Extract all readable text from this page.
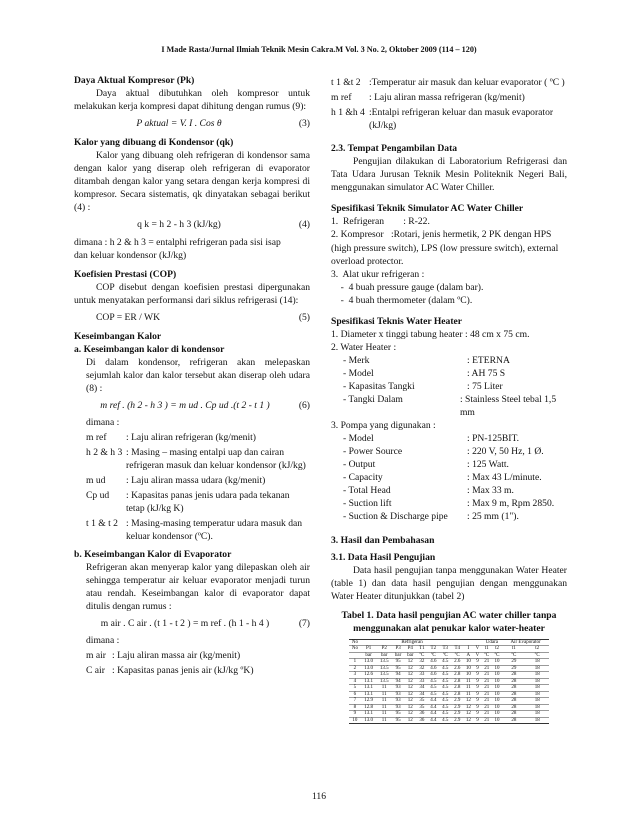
I Made Rasta/Jurnal Ilmiah Teknik Mesin Cakra.M Vol. 3 No. 2, Oktober 2009 (114 – 120)

Daya Aktual Kompresor (Pk)

Daya aktual dibutuhkan oleh kompresor untuk melakukan kerja kompresi dapat dihitung dengan rumus (9):

P aktual = V. I . Cos θ	(3)

Kalor yang dibuang di Kondensor (qk)

Kalor yang dibuang oleh refrigeran di kondensor sama dengan kalor yang diserap oleh refrigeran di evaporator ditambah dengan kalor yang setara dengan kerja kompresi di kompresor. Secara sistematis, qk dinyatakan sebagai berikut (4) :

q k = h 2 - h 3 (kJ/kg)	(4)

dimana : h 2 & h 3 = entalphi refrigeran pada sisi isap

dan keluar kondensor (kJ/kg)

Koefisien Prestasi (COP)

COP disebut dengan koefisien prestasi dipergunakan untuk menyatakan performansi dari siklus refrigerasi (14):

COP = ER / WK	(5)

Keseimbangan Kalor

a. Keseimbangan kalor di kondensor

Di dalam kondensor, refrigeran akan melepaskan sejumlah kalor dan kalor tersebut akan diserap oleh udara (8) :

m ref . (h 2 - h 3 ) = m ud . Cp ud .(t 2 - t 1 )	(6)

dimana :

m ref	: Laju aliran refrigeran (kg/menit)
h 2 & h 3 : Masing – masing entalpi uap dan cairan refrigeran masuk dan keluar kondensor (kJ/kg)
m ud	: Laju aliran massa udara (kg/menit)
Cp ud	: Kapasitas panas jenis udara pada tekanan tetap (kJ/kg K)
t 1 & t 2 : Masing-masing temperatur udara masuk dan keluar kondensor (ºC).

b. Keseimbangan Kalor di Evaporator

Refrigeran akan menyerap kalor yang dilepaskan oleh air sehingga temperatur air keluar evaporator menjadi turun atau rendah. Keseimbangan kalor di evaporator dapat ditulis dengan rumus :

m air . C air . (t 1 - t 2 ) = m ref . (h 1 - h 4 )	(7)

dimana :

m air : Laju aliran massa air (kg/menit)
C air : Kapasitas panas jenis air (kJ/kg ºK)
t 1 &t 2 :Temperatur air masuk dan keluar evaporator ( ºC )
m ref	: Laju aliran massa refrigeran (kg/menit)
h 1 &h 4 :Entalpi refrigeran keluar dan masuk evaporator (kJ/kg)

2.3. Tempat Pengambilan Data

Pengujian dilakukan di Laboratorium Refrigerasi dan Tata Udara Jurusan Teknik Mesin Politeknik Negeri Bali, menggunakan simulator AC Water Chiller.

Spesifikasi Teknik Simulator AC Water Chiller

1.  Refrigeran        : R-22.

2. Kompresor   :Rotari, jenis hermetik, 2 PK dengan HPS (high pressure switch), LPS (low pressure switch), external overload protector.

3.  Alat ukur refrigeran :

-  4 buah pressure gauge (dalam bar).

-  4 buah thermometer (dalam ºC).

Spesifikasi Teknis Water Heater

1. Diameter x tinggi tabung heater : 48 cm x 75 cm.

2. Water Heater :

- Merk	: ETERNA
- Model	: AH 75 S
- Kapasitas Tangki	: 75 Liter
- Tangki Dalam	: Stainless Steel tebal 1,5 mm

3. Pompa yang digunakan :

- Model	: PN-125BIT.
- Power Source	: 220 V, 50 Hz, 1 Ø.
- Output	: 125 Watt.
- Capacity	: Max 43 L/minute.
- Total Head	: Max 33 m.
- Suction lift	: Max 9 m, Rpm 2850.
- Suction & Discharge pipe	: 25 mm (1").

3. Hasil dan Pembahasan

3.1. Data Hasil Pengujian

Data hasil pengujian tanpa menggunakan Water Heater (table 1) dan data hasil pengujian dengan menggunakan Water Heater ditunjukkan (tabel 2)

Tabel 1. Data hasil pengujian AC water chiller tanpa menggunakan alat penukar kalor water-heater

No	Refrigeran										Udara		Air Evaporator	
No	P1	P2	P3	P4	T1	T2	T3	T4	I	V	t1	t2	t1	t2
	bar	bar	bar	bar	ºC	ºC	ºC	ºC	A	V	ºC	ºC	ºC	ºC
1	13.0	13.5	95	12	32	4.6	4.5	2.6	10	9	21	10	29	18
2	13.0	13.5	95	12	32	4.6	4.5	2.6	10	9	21	10	29	18
3	12.6	13.5	94	12	33	4.6	4.5	2.8	10	9	21	10	28	18
4	13.1	13.5	94	12	33	4.5	4.5	2.8	11	9	21	10	28	18
5	13.1	11	93	12	34	4.5	4.5	2.8	11	9	21	10	28	18
6	13.1	11	93	12	34	4.5	4.5	2.8	11	9	21	10	28	18
7	12.9	11	93	12	35	4.4	4.5	2.9	12	9	21	10	28	18
8	12.8	11	93	12	35	4.4	4.5	2.9	12	9	21	10	28	18
9	13.1	11	95	12	36	4.4	4.5	2.9	12	9	21	10	28	18
10	13.0	11	95	12	36	4.4	4.5	2.9	12	9	21	10	28	18
116
